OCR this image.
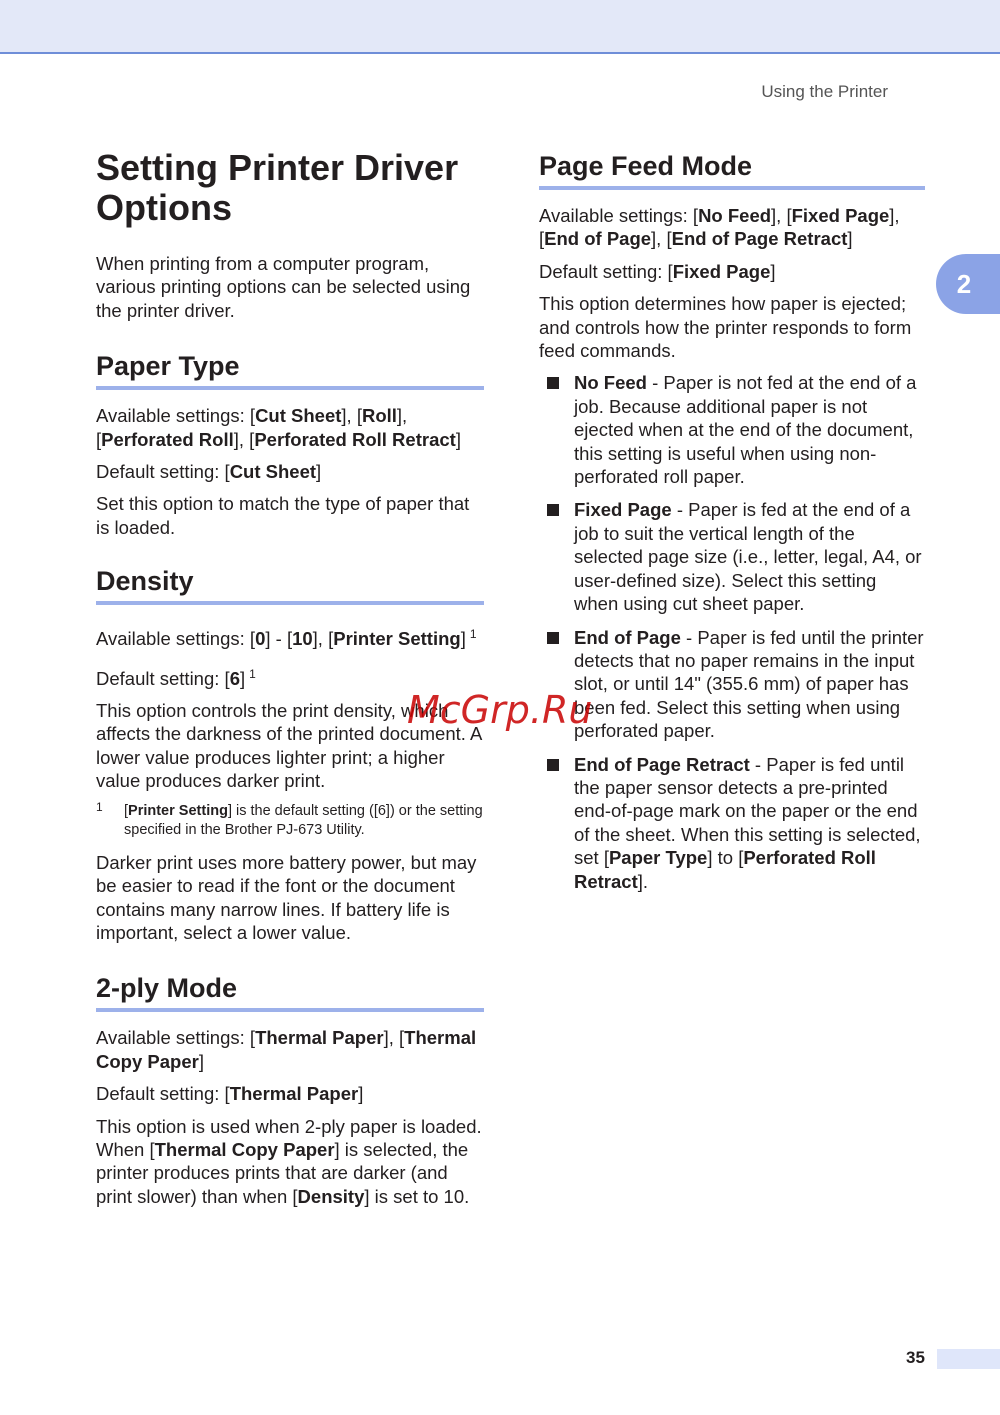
Using the Printer
2
Setting Printer Driver Options

When printing from a computer program, various printing options can be selected using the printer driver.

Paper Type

Available settings: [Cut Sheet], [Roll], [Perforated Roll], [Perforated Roll Retract]

Default setting: [Cut Sheet]

Set this option to match the type of paper that is loaded.

Density

Available settings: [0] - [10], [Printer Setting] $^1$

Default setting: [6] $^1$

This option controls the print density, which affects the darkness of the printed document. A lower value produces lighter print; a higher value produces darker print.

1	[Printer Setting] is the default setting ([6]) or the setting specified in the Brother PJ-673 Utility.

Darker print uses more battery power, but may be easier to read if the font or the document contains many narrow lines. If battery life is important, select a lower value.

2-ply Mode

Available settings: [Thermal Paper], [Thermal Copy Paper]

Default setting: [Thermal Paper]

This option is used when 2-ply paper is loaded. When [Thermal Copy Paper] is selected, the printer produces prints that are darker (and print slower) than when [Density] is set to 10.

Page Feed Mode

Available settings: [No Feed], [Fixed Page], [End of Page], [End of Page Retract]

Default setting: [Fixed Page]

This option determines how paper is ejected; and controls how the printer responds to form feed commands.

No Feed - Paper is not fed at the end of a job. Because additional paper is not ejected when at the end of the document, this setting is useful when using non-perforated roll paper.
Fixed Page - Paper is fed at the end of a job to suit the vertical length of the selected page size (i.e., letter, legal, A4, or user-defined size). Select this setting when using cut sheet paper.
End of Page - Paper is fed until the printer detects that no paper remains in the input slot, or until 14" (355.6 mm) of paper has been fed. Select this setting when using perforated paper.
End of Page Retract - Paper is fed until the paper sensor detects a pre-printed end-of-page mark on the paper or the end of the sheet. When this setting is selected, set [Paper Type] to [Perforated Roll Retract].
McGrp.Ru
35
